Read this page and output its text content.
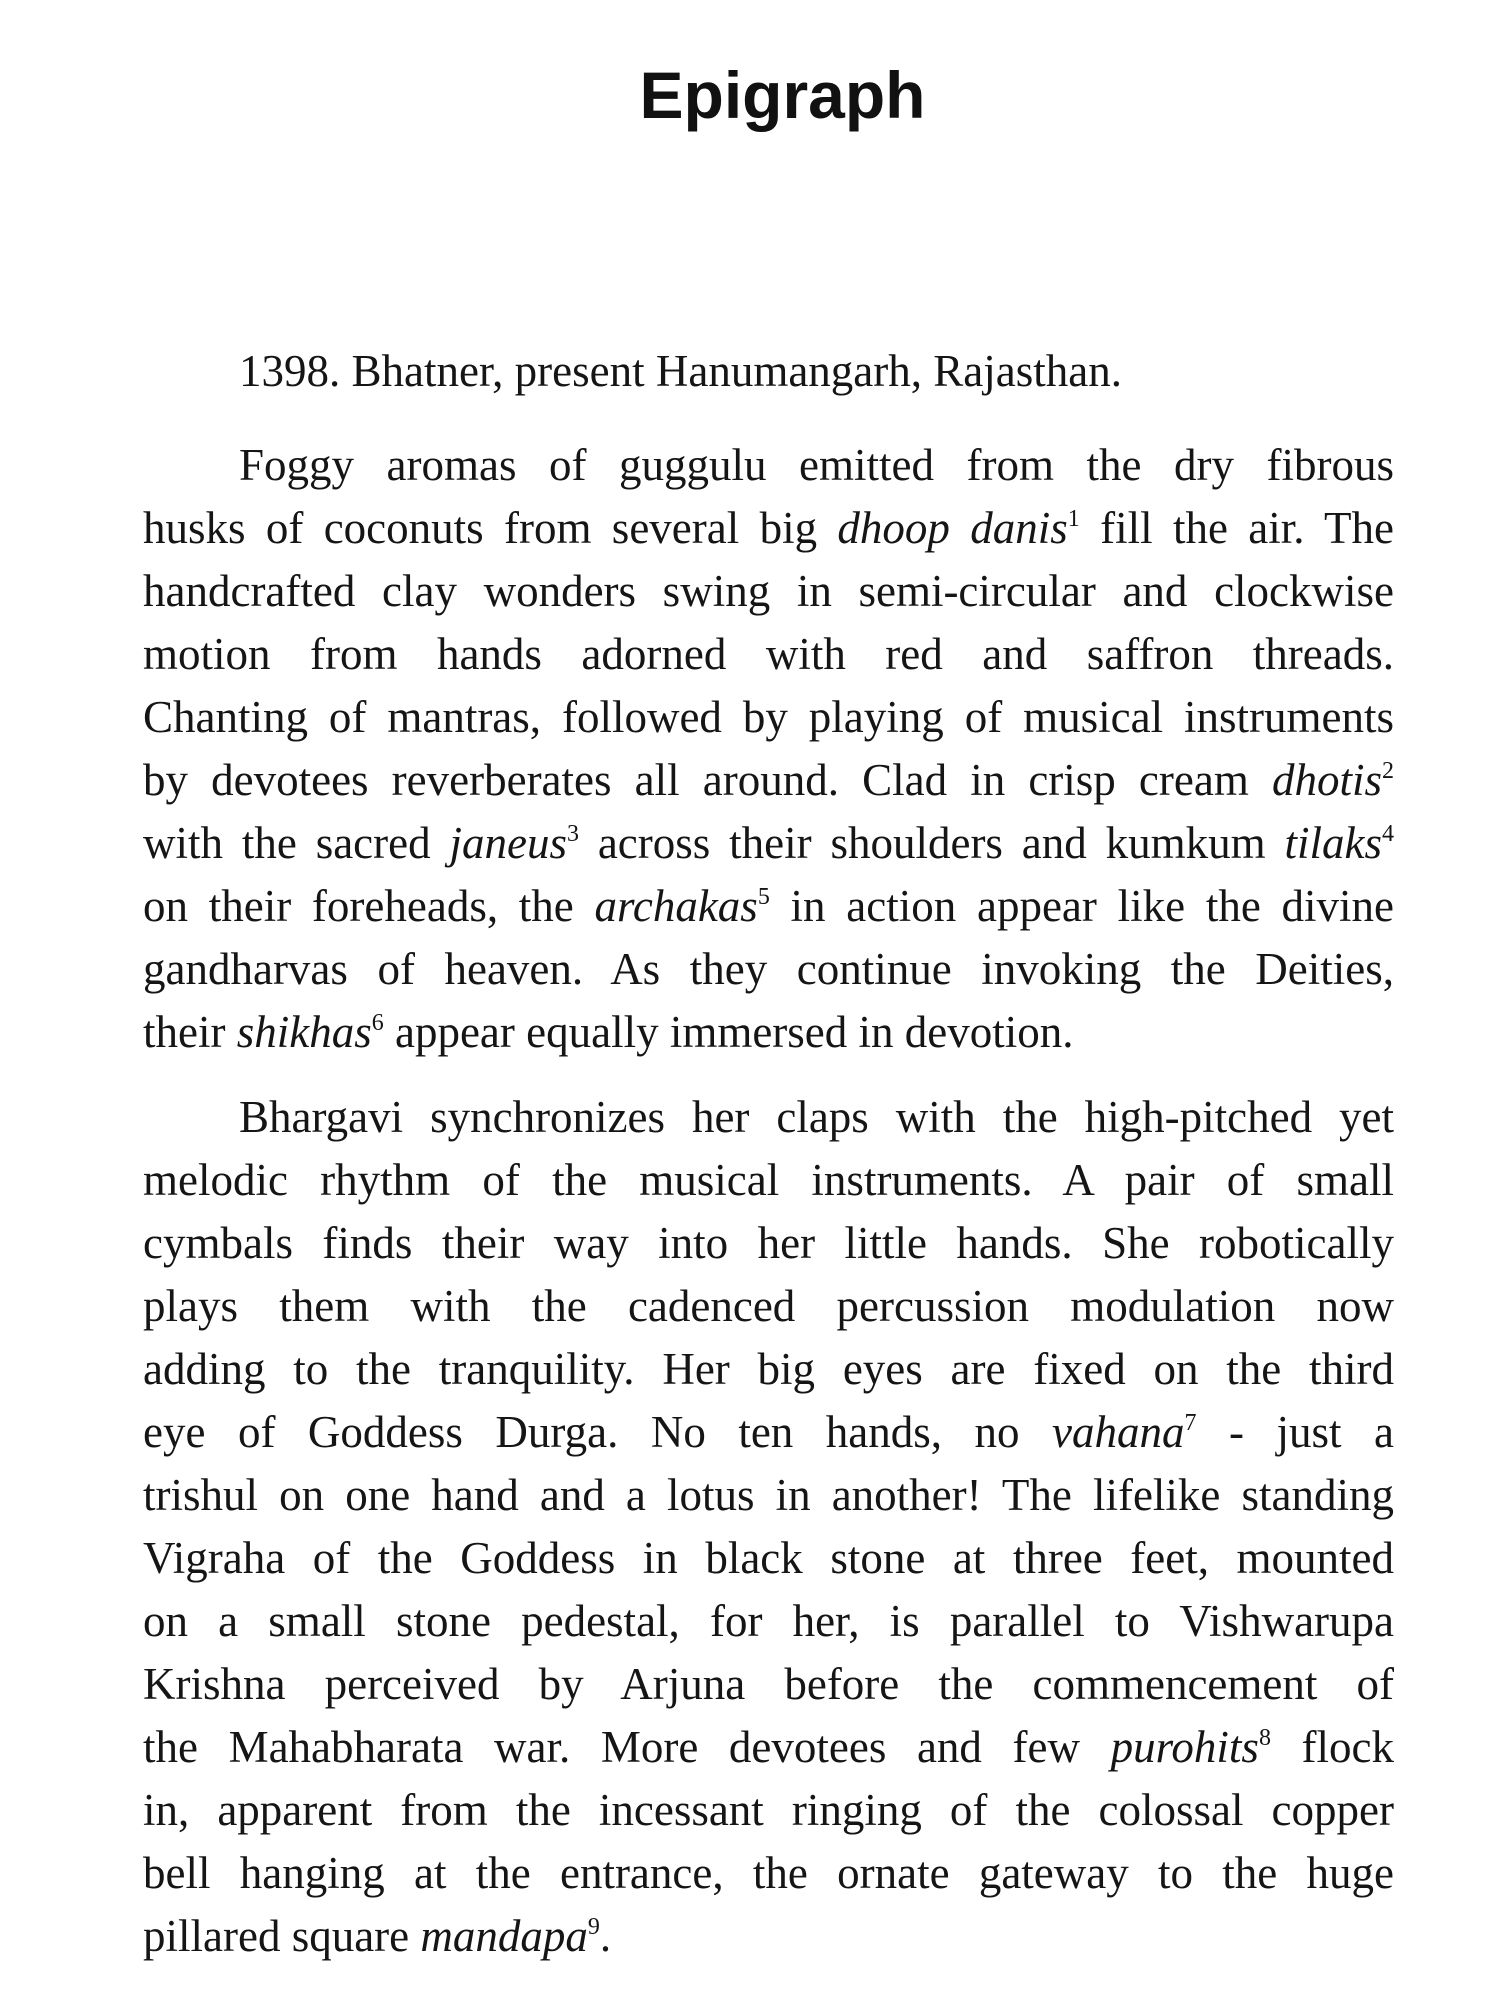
Epigraph

1398. Bhatner, present Hanumangarh, Rajasthan.

Foggy aromas of guggulu emitted from the dry fibrous
husks of coconuts from several big dhoop danis$^1$ fill the air. The
handcrafted clay wonders swing in semi-circular and clockwise
motion from hands adorned with red and saffron threads.
Chanting of mantras, followed by playing of musical instruments
by devotees reverberates all around. Clad in crisp cream dhotis$^2$
with the sacred janeus$^3$ across their shoulders and kumkum tilaks$^4$
on their foreheads, the archakas$^5$ in action appear like the divine
gandharvas of heaven. As they continue invoking the Deities,
their shikhas$^6$ appear equally immersed in devotion.
Bhargavi synchronizes her claps with the high-pitched yet
melodic rhythm of the musical instruments. A pair of small
cymbals finds their way into her little hands. She robotically
plays them with the cadenced percussion modulation now
adding to the tranquility. Her big eyes are fixed on the third
eye of Goddess Durga. No ten hands, no vahana$^7$ - just a
trishul on one hand and a lotus in another! The lifelike standing
Vigraha of the Goddess in black stone at three feet, mounted
on a small stone pedestal, for her, is parallel to Vishwarupa
Krishna perceived by Arjuna before the commencement of
the Mahabharata war. More devotees and few purohits$^8$ flock
in, apparent from the incessant ringing of the colossal copper
bell hanging at the entrance, the ornate gateway to the huge
pillared square mandapa$^9$.
